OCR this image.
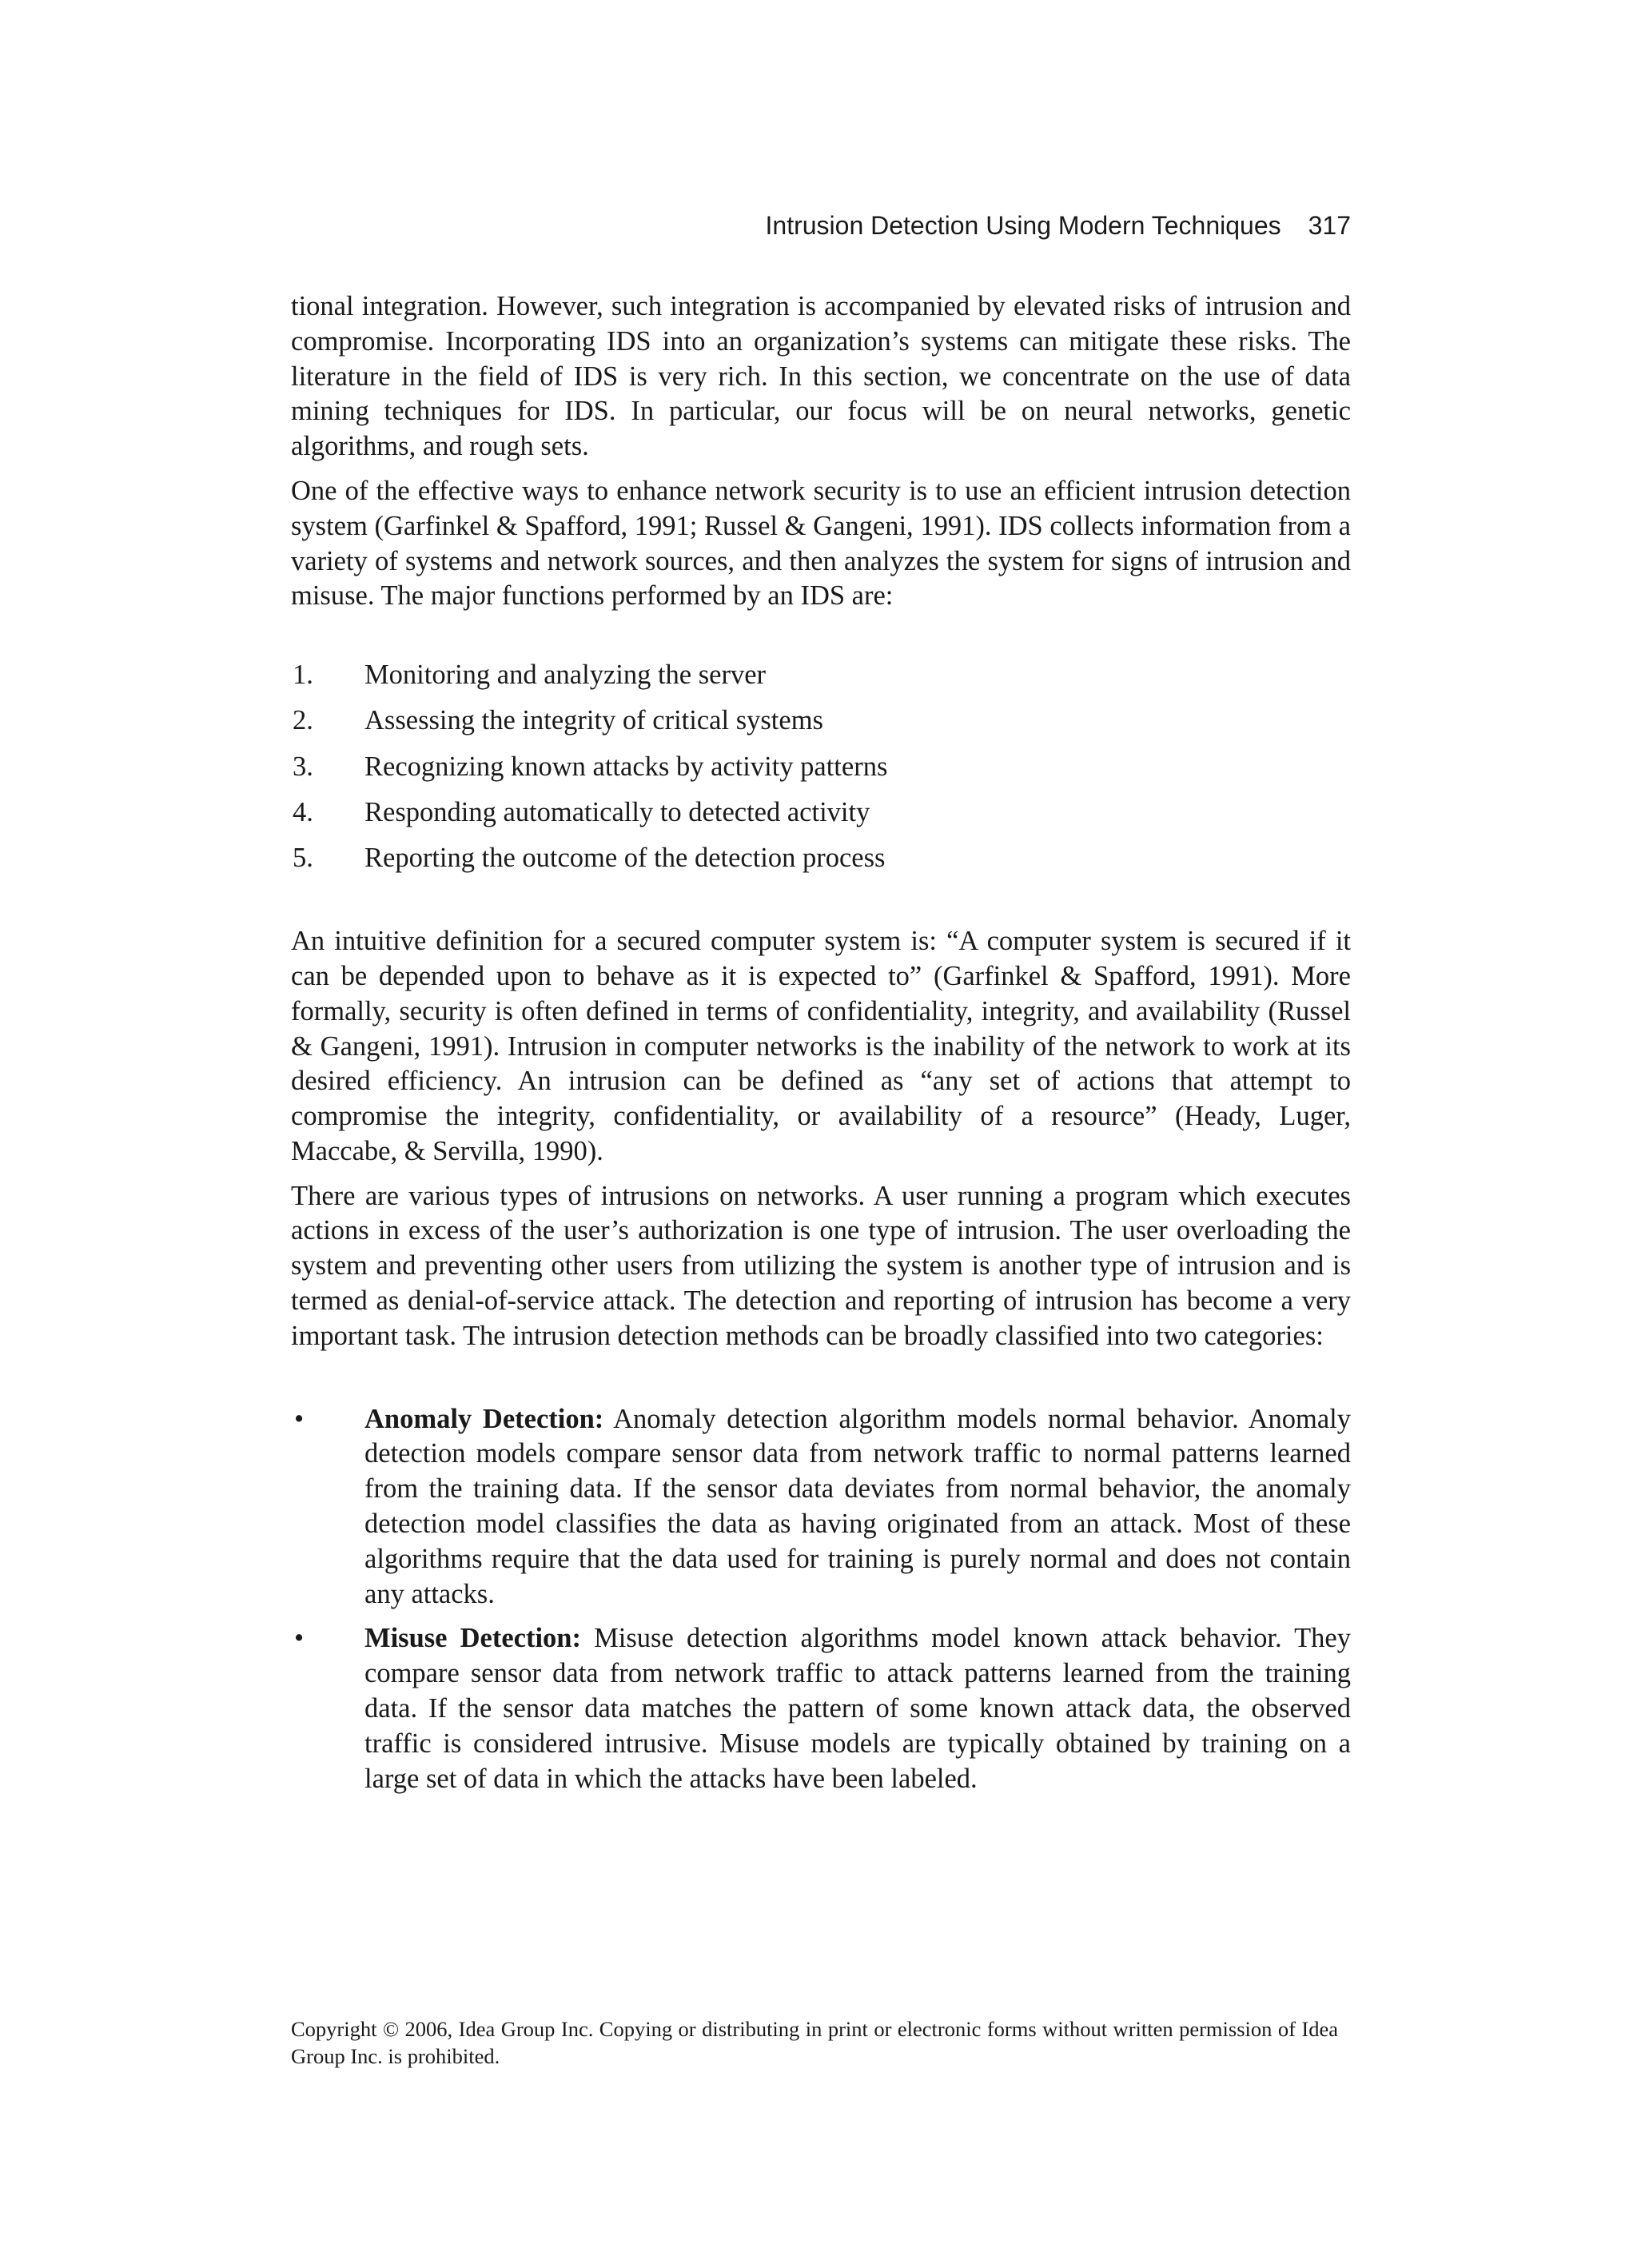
Intrusion Detection Using Modern Techniques 317

tional integration. However, such integration is accompanied by elevated risks of intrusion and compromise. Incorporating IDS into an organization’s systems can mitigate these risks. The literature in the field of IDS is very rich. In this section, we concentrate on the use of data mining techniques for IDS. In particular, our focus will be on neural networks, genetic algorithms, and rough sets.

One of the effective ways to enhance network security is to use an efficient intrusion detection system (Garfinkel & Spafford, 1991; Russel & Gangeni, 1991). IDS collects information from a variety of systems and network sources, and then analyzes the system for signs of intrusion and misuse. The major functions performed by an IDS are:

1. Monitoring and analyzing the server
2. Assessing the integrity of critical systems
3. Recognizing known attacks by activity patterns
4. Responding automatically to detected activity
5. Reporting the outcome of the detection process

An intuitive definition for a secured computer system is: “A computer system is secured if it can be depended upon to behave as it is expected to” (Garfinkel & Spafford, 1991). More formally, security is often defined in terms of confidentiality, integrity, and availability (Russel & Gangeni, 1991). Intrusion in computer networks is the inability of the network to work at its desired efficiency. An intrusion can be defined as “any set of actions that attempt to compromise the integrity, confidentiality, or availability of a resource” (Heady, Luger, Maccabe, & Servilla, 1990).

There are various types of intrusions on networks. A user running a program which executes actions in excess of the user’s authorization is one type of intrusion. The user overloading the system and preventing other users from utilizing the system is another type of intrusion and is termed as denial-of-service attack. The detection and reporting of intrusion has become a very important task. The intrusion detection methods can be broadly classified into two categories:

• Anomaly Detection: Anomaly detection algorithm models normal behavior. Anomaly detection models compare sensor data from network traffic to normal patterns learned from the training data. If the sensor data deviates from normal behavior, the anomaly detection model classifies the data as having originated from an attack. Most of these algorithms require that the data used for training is purely normal and does not contain any attacks.
• Misuse Detection: Misuse detection algorithms model known attack behavior. They compare sensor data from network traffic to attack patterns learned from the training data. If the sensor data matches the pattern of some known attack data, the observed traffic is considered intrusive. Misuse models are typically obtained by training on a large set of data in which the attacks have been labeled.
Copyright © 2006, Idea Group Inc. Copying or distributing in print or electronic forms without written permission of Idea Group Inc. is prohibited.
